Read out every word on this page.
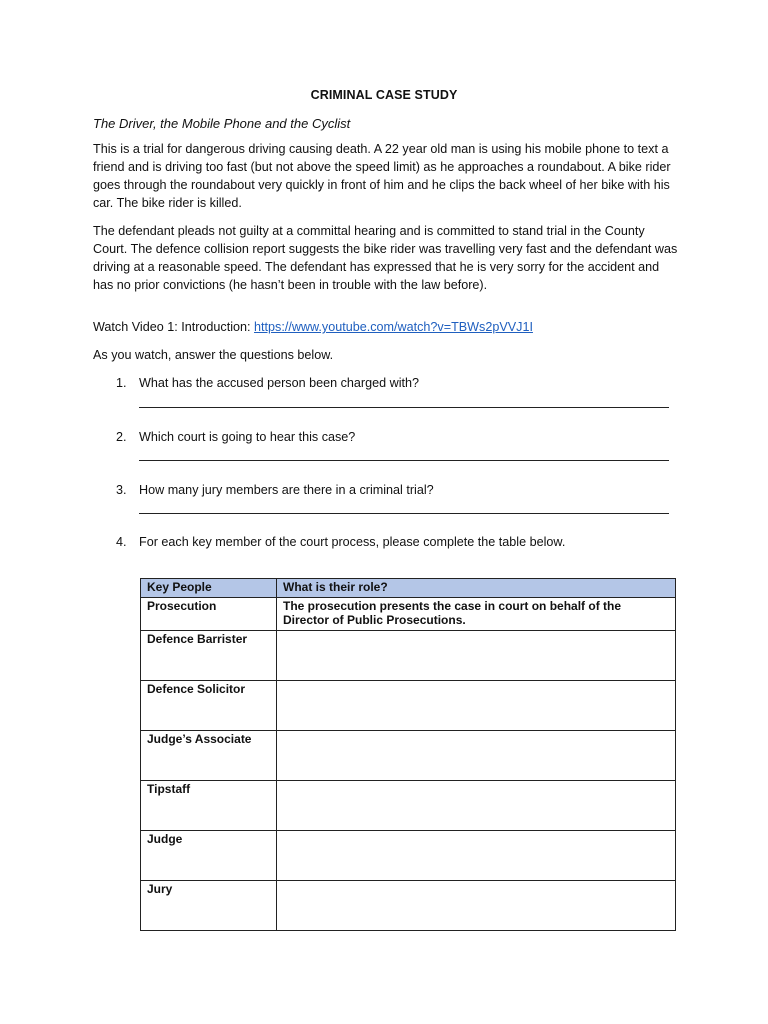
CRIMINAL CASE STUDY
The Driver, the Mobile Phone and the Cyclist
This is a trial for dangerous driving causing death. A 22 year old man is using his mobile phone to text a friend and is driving too fast (but not above the speed limit) as he approaches a roundabout. A bike rider goes through the roundabout very quickly in front of him and he clips the back wheel of her bike with his car. The bike rider is killed.
The defendant pleads not guilty at a committal hearing and is committed to stand trial in the County Court. The defence collision report suggests the bike rider was travelling very fast and the defendant was driving at a reasonable speed. The defendant has expressed that he is very sorry for the accident and has no prior convictions (he hasn’t been in trouble with the law before).
Watch Video 1: Introduction: https://www.youtube.com/watch?v=TBWs2pVVJ1I
As you watch, answer the questions below.
1. What has the accused person been charged with?
2. Which court is going to hear this case?
3. How many jury members are there in a criminal trial?
4. For each key member of the court process, please complete the table below.
Key People	What is their role?
Prosecution	The prosecution presents the case in court on behalf of the Director of Public Prosecutions.
Defence Barrister	
Defence Solicitor	
Judge’s Associate	
Tipstaff	
Judge	
Jury	
